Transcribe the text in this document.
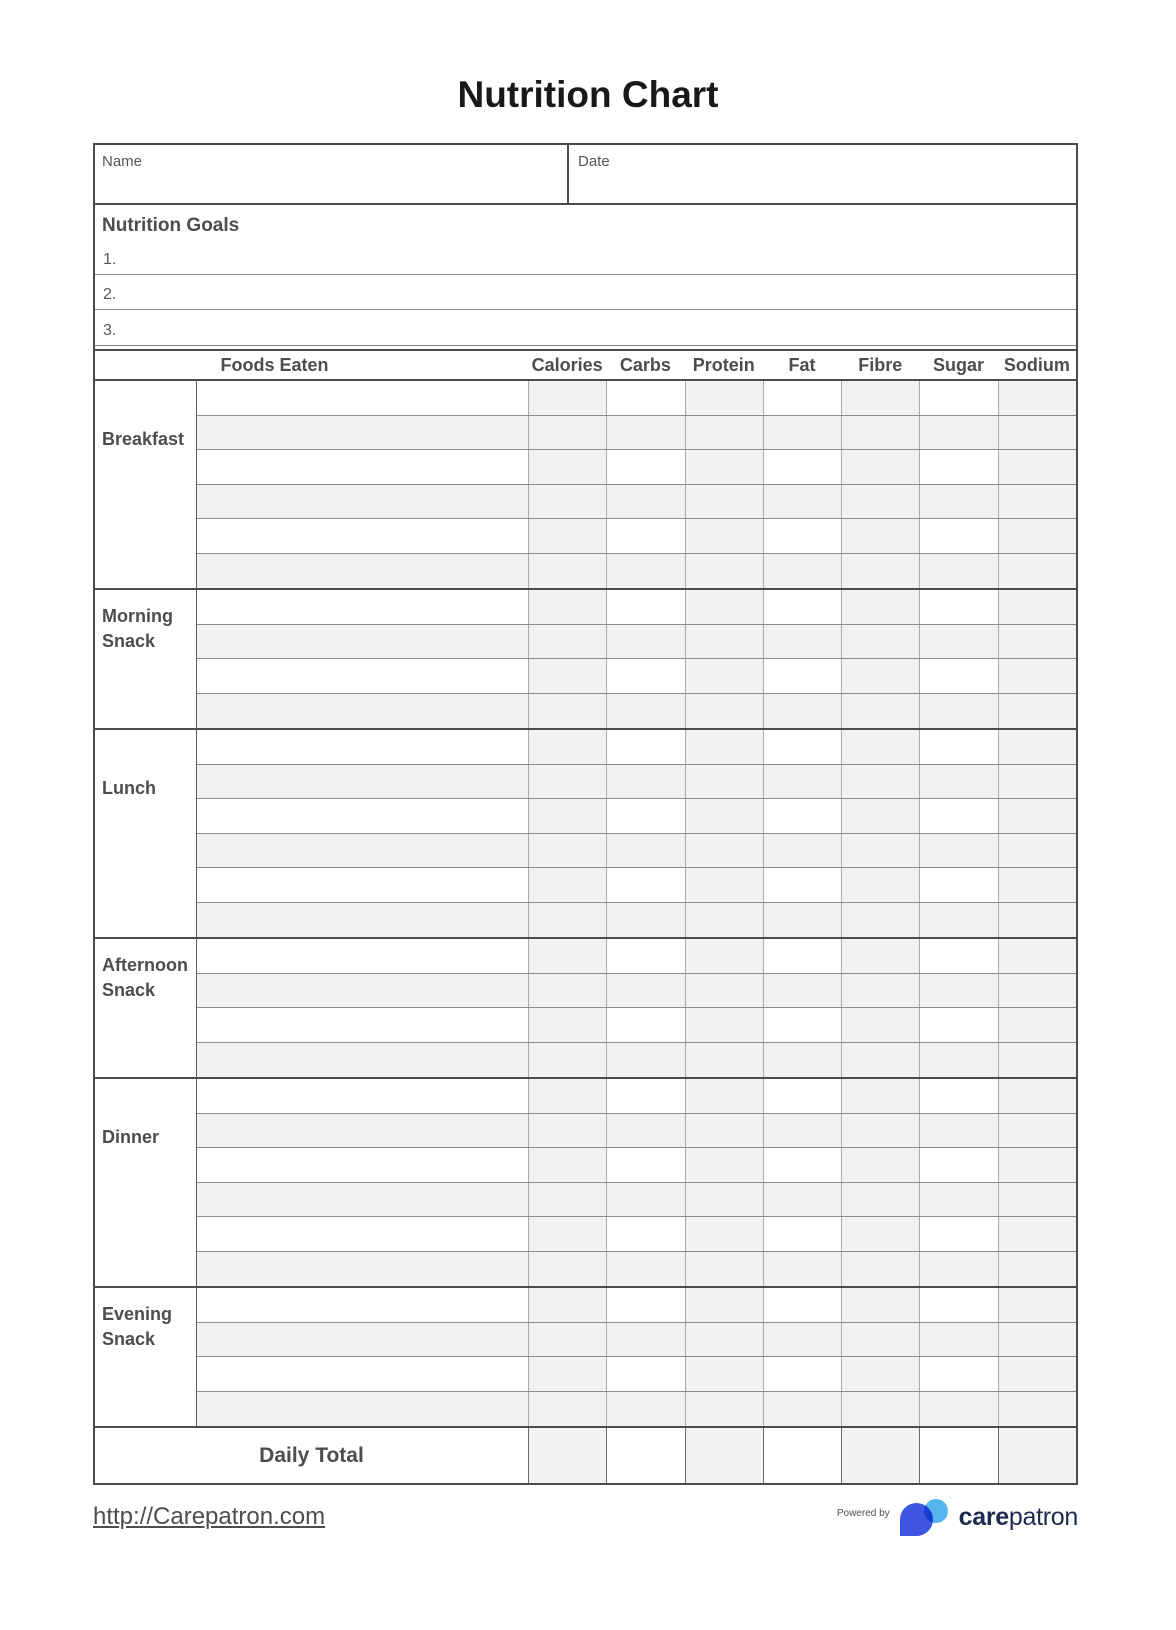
Nutrition Chart
Name	Date
Nutrition Goals
1.
2.
3.
Foods Eaten	Calories Carbs	Protein	Fat	Fibre	Sugar	Sodium
Breakfast
Morning Snack
Lunch
Afternoon Snack
Dinner
Evening Snack
Daily Total
http://Carepatron.com	Powered by	carepatron
